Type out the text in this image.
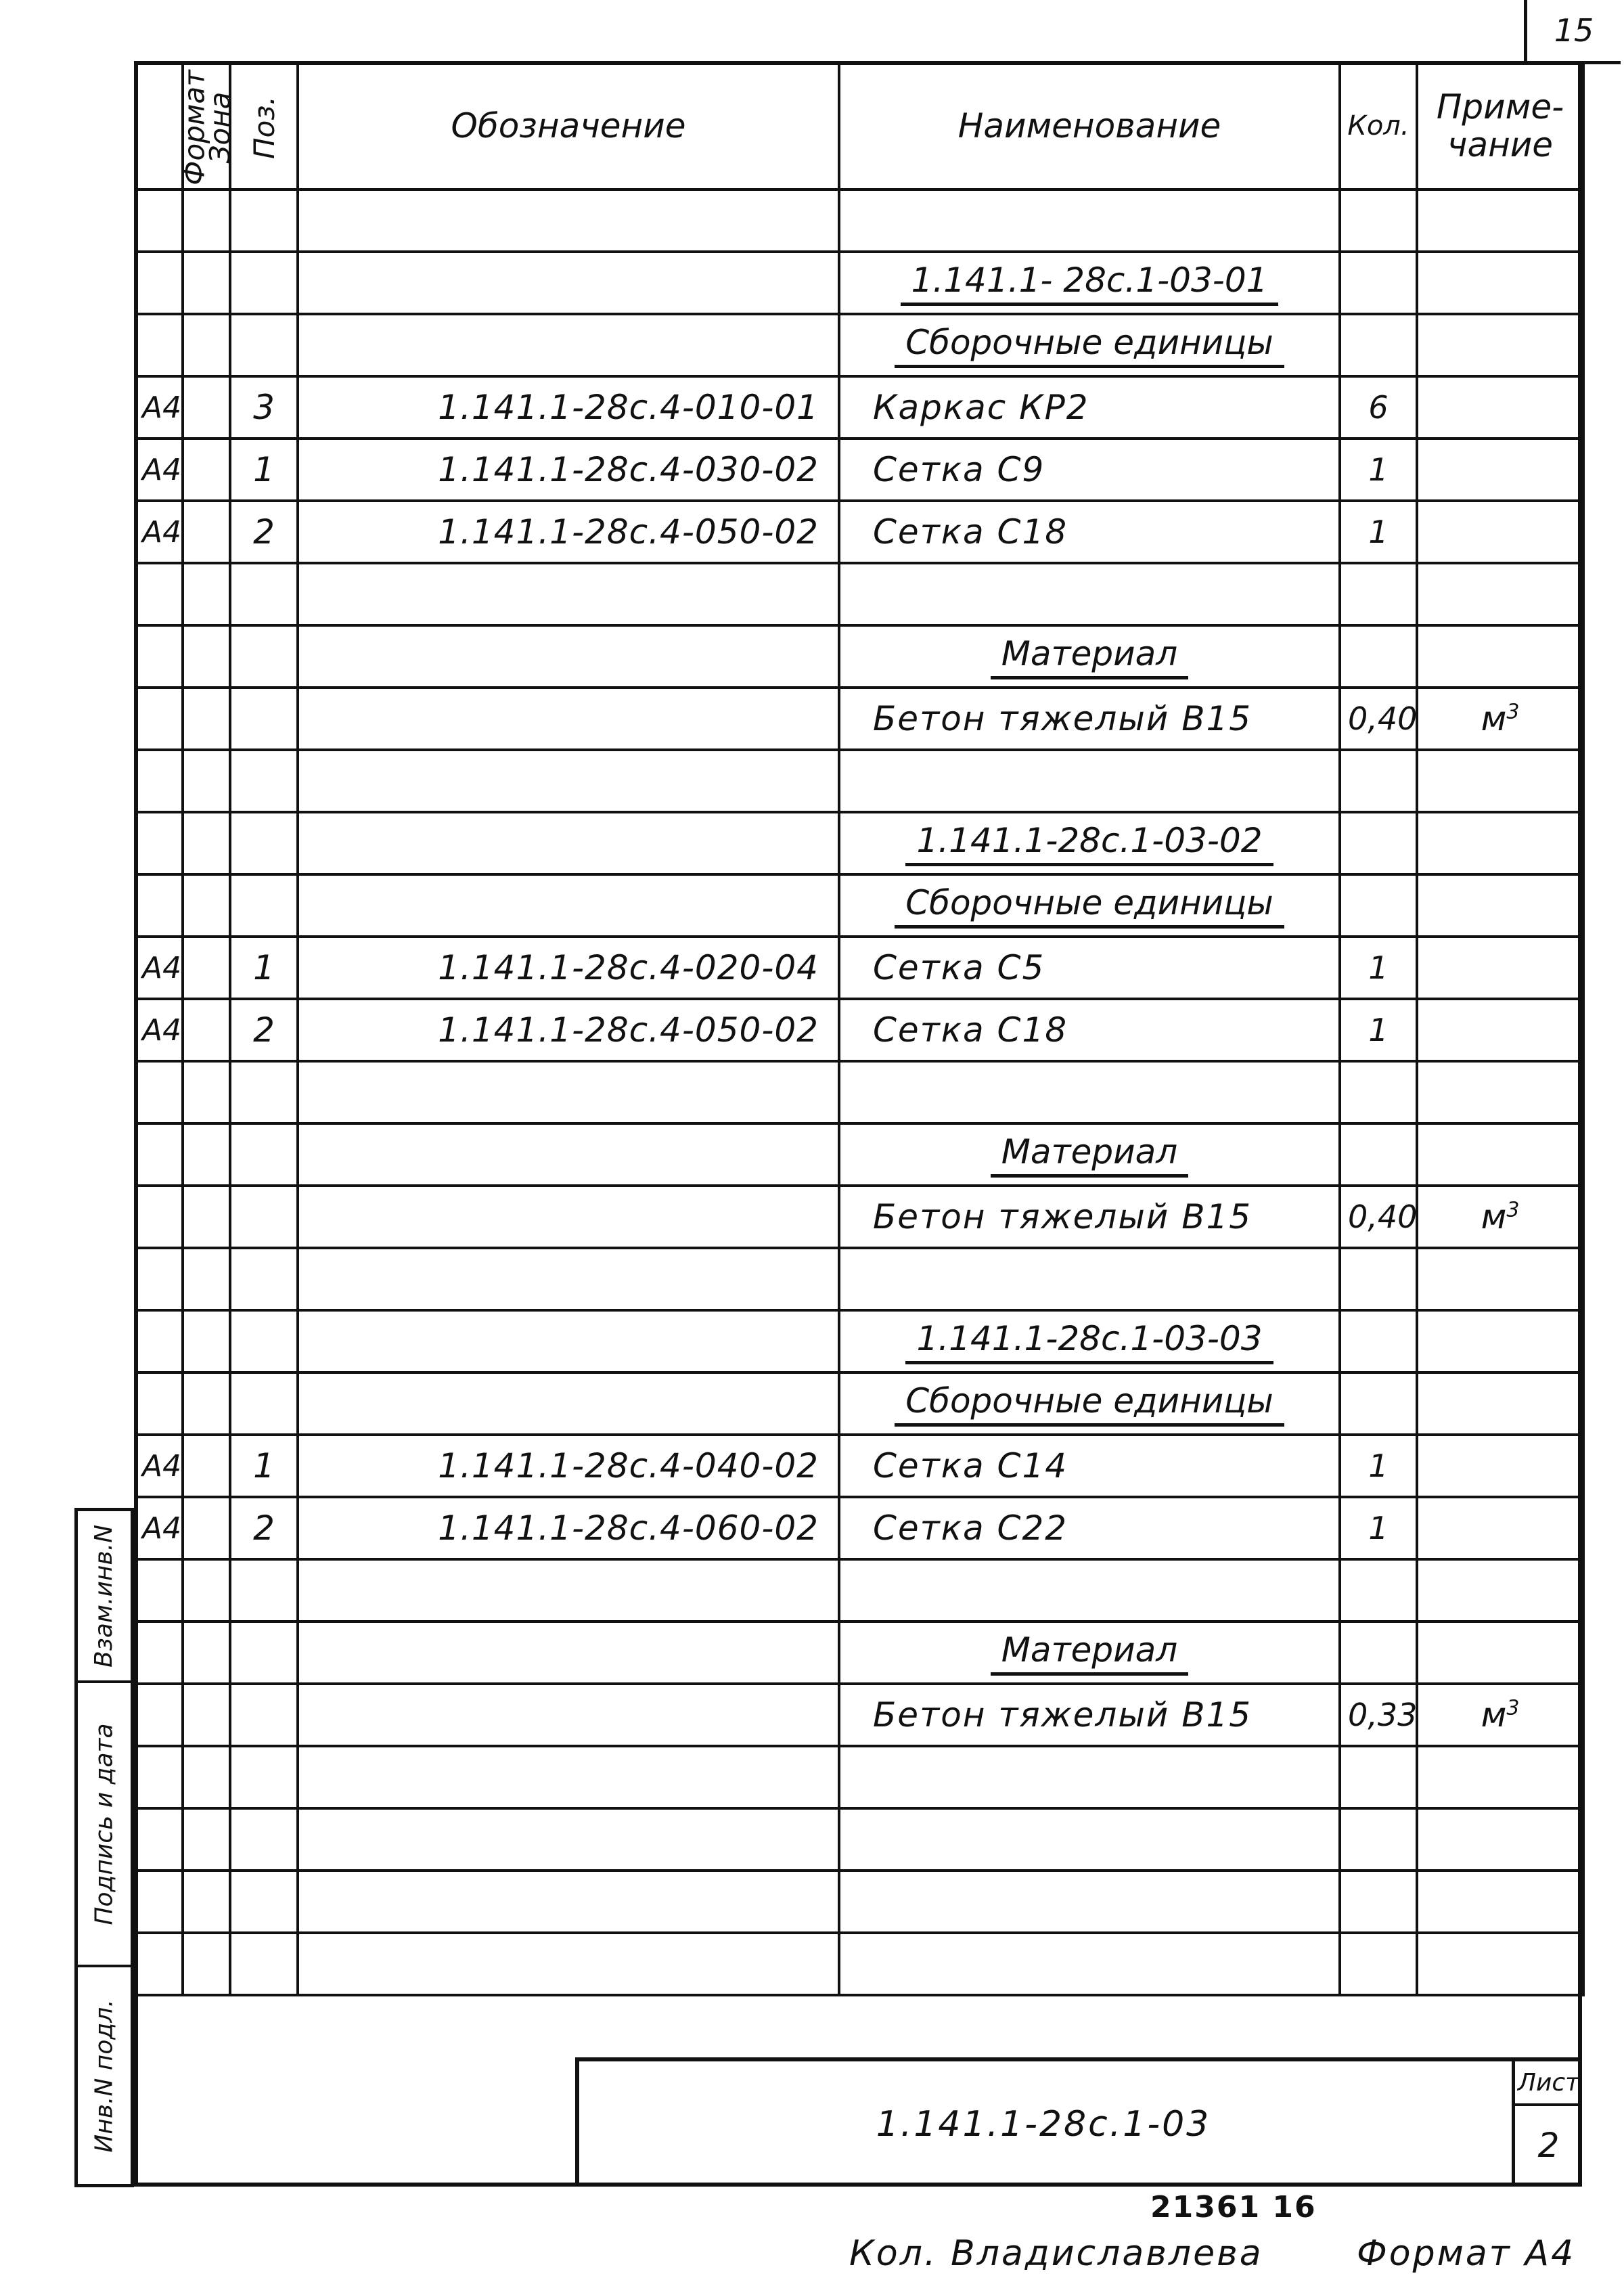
15
Формат	Зона	Поз.	Обозначение	Наименование	Кол.	Приме- чание

				1.141.1- 28с.1-03-01		
				Сборочные единицы		
А4		3	1.141.1-28с.4-010-01	Каркас КР2	6	
А4		1	1.141.1-28с.4-030-02	Сетка С9	1	
А4		2	1.141.1-28с.4-050-02	Сетка С18	1	

				Материал		
				Бетон тяжелый В15	0,40	$м^3$

				1.141.1-28с.1-03-02		
				Сборочные единицы		
А4		1	1.141.1-28с.4-020-04	Сетка С5	1	
А4		2	1.141.1-28с.4-050-02	Сетка С18	1	

				Материал		
				Бетон тяжелый В15	0,40	$м^3$

				1.141.1-28с.1-03-03		
				Сборочные единицы		
А4		1	1.141.1-28с.4-040-02	Сетка С14	1	
А4		2	1.141.1-28с.4-060-02	Сетка С22	1	

				Материал		
				Бетон тяжелый В15	0,33	$м^3$

Взам.инв.N
Подпись и дата
Инв.N подл.	1.141.1-28с.1-03
Лист
2
21361 16
Кол. Владиславлева	Формат А4
